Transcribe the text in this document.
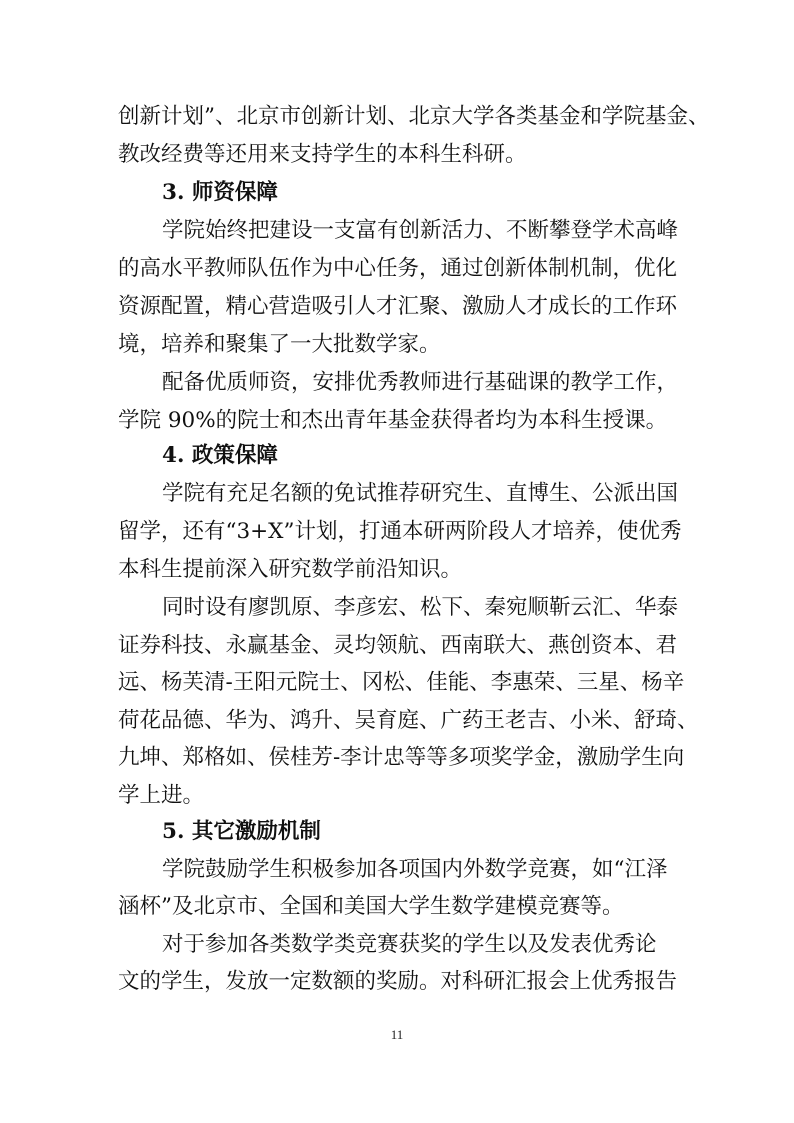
创新计划”、北京市创新计划、北京大学各类基金和学院基金、
教改经费等还用来支持学生的本科生科研。
3. 师资保障
学院始终把建设一支富有创新活力、不断攀登学术高峰
的高水平教师队伍作为中心任务，通过创新体制机制，优化
资源配置，精心营造吸引人才汇聚、激励人才成长的工作环
境，培养和聚集了一大批数学家。
配备优质师资，安排优秀教师进行基础课的教学工作，
学院 90%的院士和杰出青年基金获得者均为本科生授课。
4. 政策保障
学院有充足名额的免试推荐研究生、直博生、公派出国
留学，还有“3+X”计划，打通本研两阶段人才培养，使优秀
本科生提前深入研究数学前沿知识。
同时设有廖凯原、李彦宏、松下、秦宛顺靳云汇、华泰
证券科技、永赢基金、灵均领航、西南联大、燕创资本、君
远、杨芙清-王阳元院士、冈松、佳能、李惠荣、三星、杨辛
荷花品德、华为、鸿升、吴育庭、广药王老吉、小米、舒琦、
九坤、郑格如、侯桂芳-李计忠等等多项奖学金，激励学生向
学上进。
5. 其它激励机制
学院鼓励学生积极参加各项国内外数学竞赛，如“江泽
涵杯”及北京市、全国和美国大学生数学建模竞赛等。
对于参加各类数学类竞赛获奖的学生以及发表优秀论
文的学生，发放一定数额的奖励。对科研汇报会上优秀报告
11
